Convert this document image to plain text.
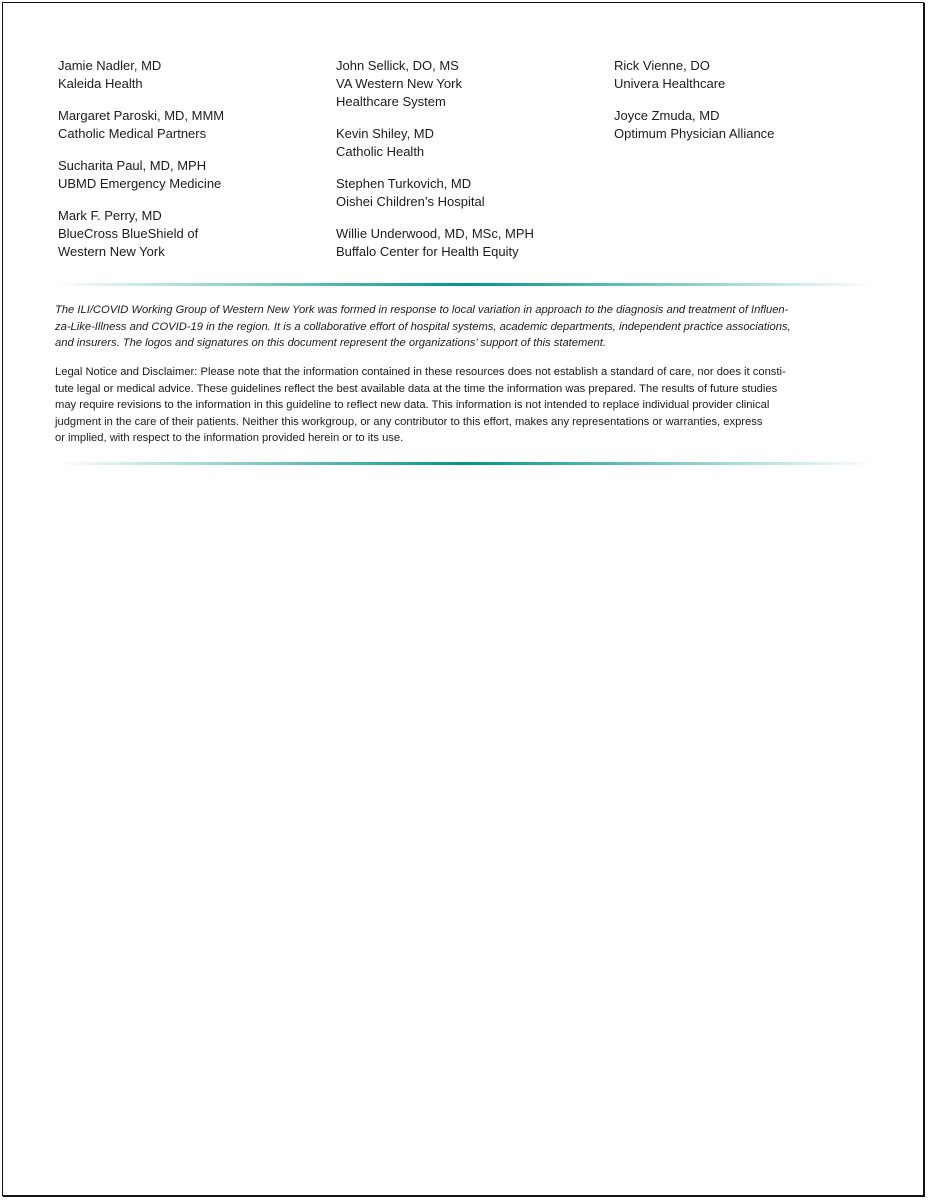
Jamie Nadler, MD
Kaleida Health

Margaret Paroski, MD, MMM
Catholic Medical Partners

Sucharita Paul, MD, MPH
UBMD Emergency Medicine

Mark F. Perry, MD
BlueCross BlueShield of
Western New York

John Sellick, DO, MS
VA Western New York
Healthcare System

Kevin Shiley, MD
Catholic Health

Stephen Turkovich, MD
Oishei Children’s Hospital

Willie Underwood, MD, MSc, MPH
Buffalo Center for Health Equity

Rick Vienne, DO
Univera Healthcare

Joyce Zmuda, MD
Optimum Physician Alliance

The ILI/COVID Working Group of Western New York was formed in response to local variation in approach to the diagnosis and treatment of Influen-
za-Like-Illness and COVID-19 in the region. It is a collaborative effort of hospital systems, academic departments, independent practice associations,
and insurers. The logos and signatures on this document represent the organizations’ support of this statement.

Legal Notice and Disclaimer: Please note that the information contained in these resources does not establish a standard of care, nor does it consti-
tute legal or medical advice. These guidelines reflect the best available data at the time the information was prepared. The results of future studies
may require revisions to the information in this guideline to reflect new data. This information is not intended to replace individual provider clinical
judgment in the care of their patients. Neither this workgroup, or any contributor to this effort, makes any representations or warranties, express
or implied, with respect to the information provided herein or to its use.
